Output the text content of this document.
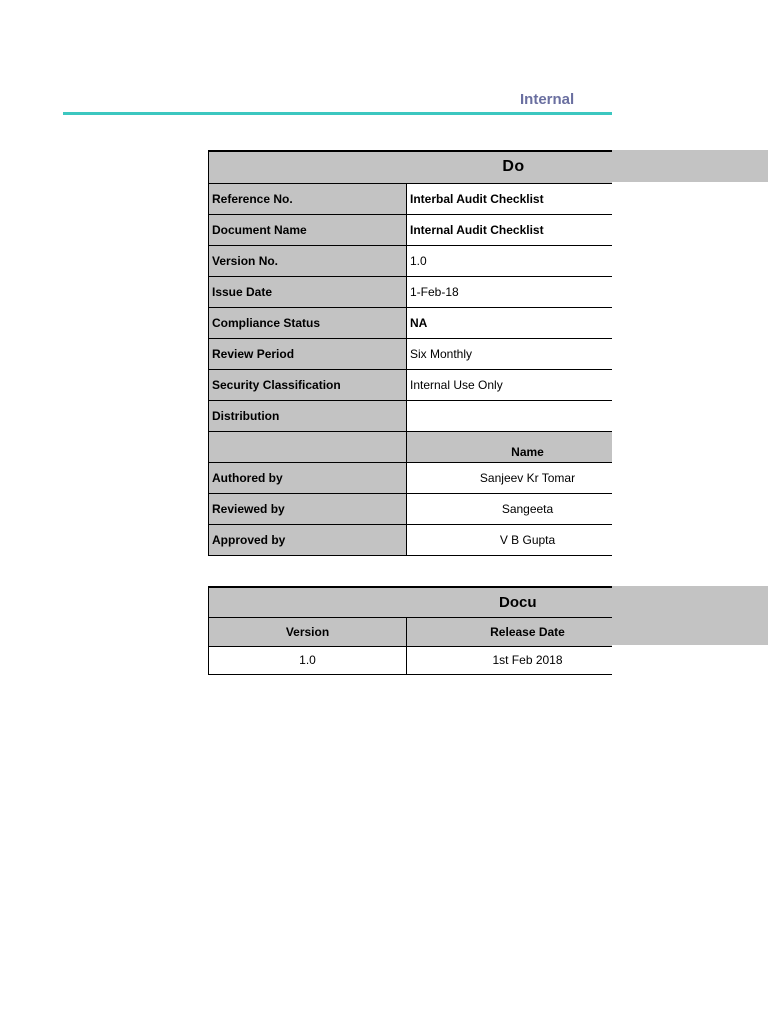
Internal
Do	
Reference No.	Interbal Audit Checklist
Document Name	Internal Audit Checklist
Version No.	1.0
Issue Date	1-Feb-18
Compliance Status	NA
Review Period	Six Monthly
Security Classification	Internal Use Only
Distribution	
	Name
Authored by	Sanjeev Kr Tomar
Reviewed by	Sangeeta
Approved by	V B Gupta
Docu	
Version	Release Date
1.0	1st Feb 2018
